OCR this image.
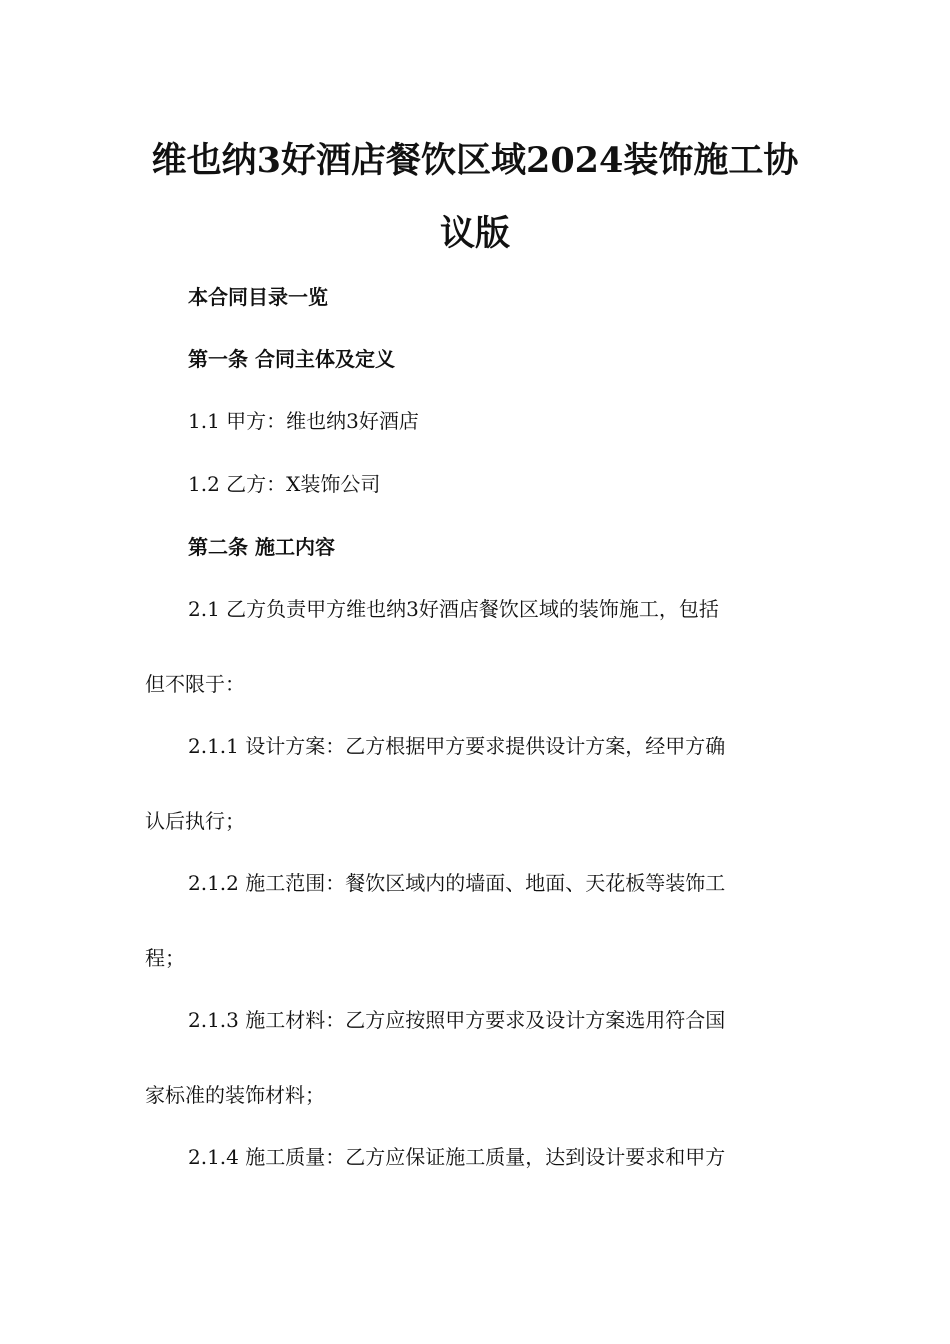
维也纳3好酒店餐饮区域2024装饰施工协
议版
本合同目录一览
第一条 合同主体及定义
1.1 甲方：维也纳3好酒店
1.2 乙方：X装饰公司
第二条 施工内容
2.1 乙方负责甲方维也纳3好酒店餐饮区域的装饰施工，包括
但不限于：
2.1.1 设计方案：乙方根据甲方要求提供设计方案，经甲方确
认后执行；
2.1.2 施工范围：餐饮区域内的墙面、地面、天花板等装饰工
程；
2.1.3 施工材料：乙方应按照甲方要求及设计方案选用符合国
家标准的装饰材料；
2.1.4 施工质量：乙方应保证施工质量，达到设计要求和甲方
